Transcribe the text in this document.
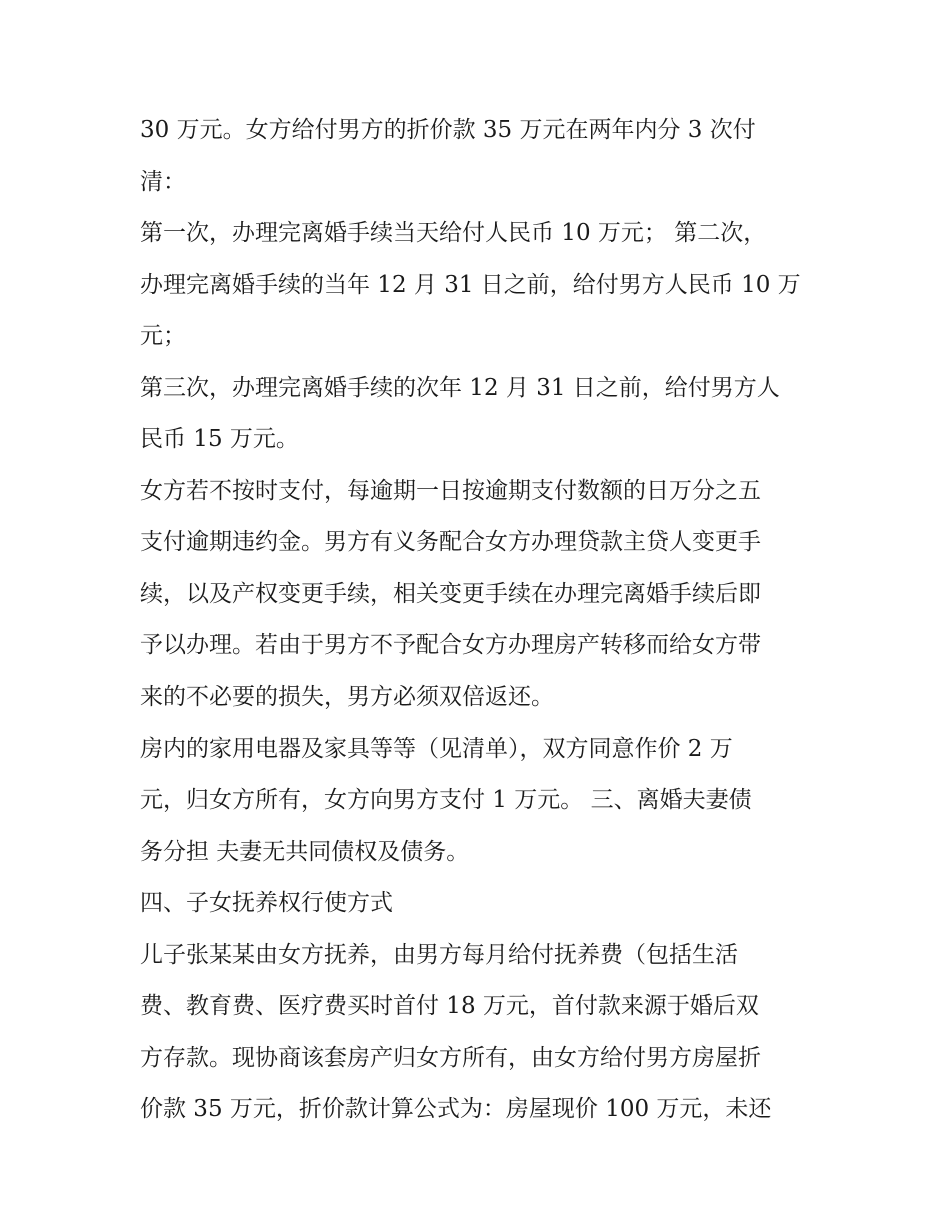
30 万元。女方给付男方的折价款 35 万元在两年内分 3 次付
清：
第一次，办理完离婚手续当天给付人民币 10 万元； 第二次，
办理完离婚手续的当年 12 月 31 日之前，给付男方人民币 10 万
元；
第三次，办理完离婚手续的次年 12 月 31 日之前，给付男方人
民币 15 万元。
女方若不按时支付，每逾期一日按逾期支付数额的日万分之五
支付逾期违约金。男方有义务配合女方办理贷款主贷人变更手
续，以及产权变更手续，相关变更手续在办理完离婚手续后即
予以办理。若由于男方不予配合女方办理房产转移而给女方带
来的不必要的损失，男方必须双倍返还。
房内的家用电器及家具等等（见清单），双方同意作价 2 万
元，归女方所有，女方向男方支付 1 万元。 三、离婚夫妻债
务分担 夫妻无共同债权及债务。
四、子女抚养权行使方式
儿子张某某由女方抚养，由男方每月给付抚养费（包括生活
费、教育费、医疗费买时首付 18 万元，首付款来源于婚后双
方存款。现协商该套房产归女方所有，由女方给付男方房屋折
价款 35 万元，折价款计算公式为：房屋现价 100 万元，未还
